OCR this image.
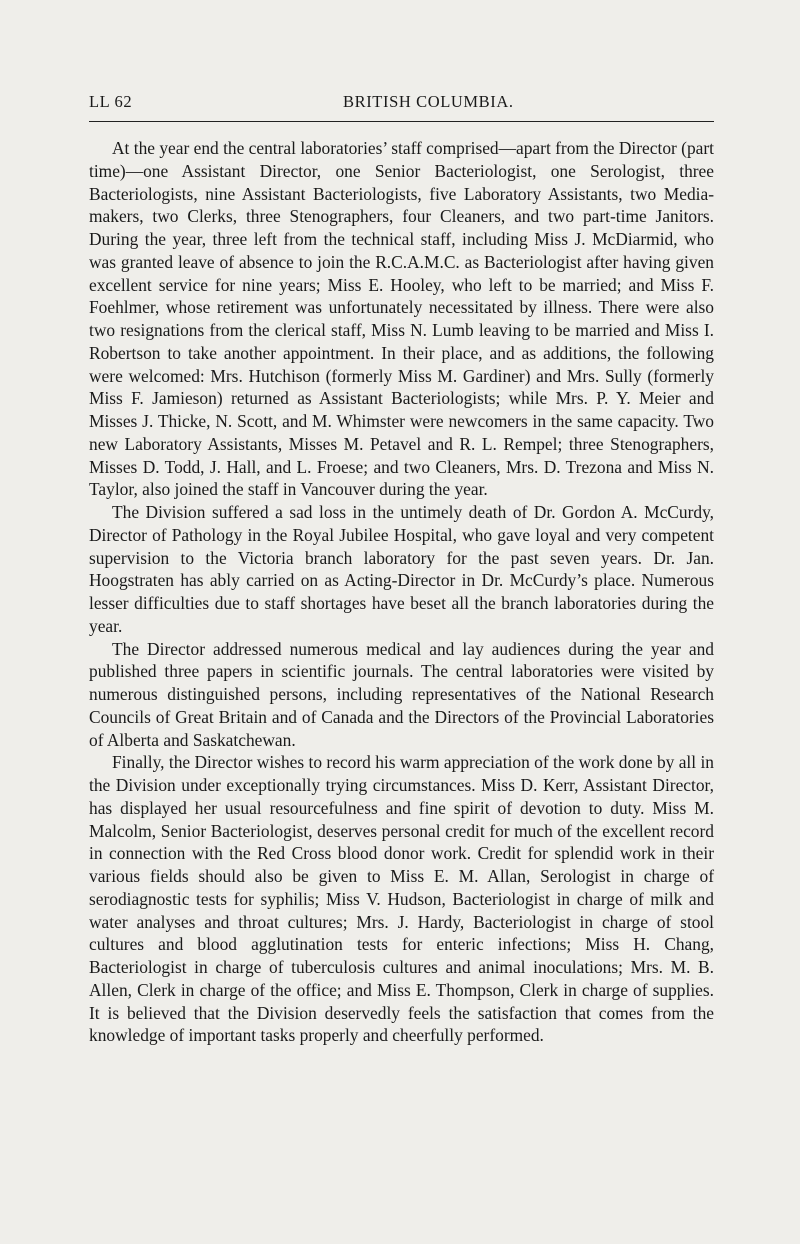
LL 62	BRITISH COLUMBIA.

At the year end the central laboratories’ staff comprised—apart from the Director (part time)—one Assistant Director, one Senior Bacteriologist, one Serologist, three Bacteriologists, nine Assistant Bacteriologists, five Laboratory Assistants, two Media-makers, two Clerks, three Stenographers, four Cleaners, and two part-time Janitors. During the year, three left from the technical staff, including Miss J. McDiarmid, who was granted leave of absence to join the R.C.A.M.C. as Bacteriologist after having given excellent service for nine years; Miss E. Hooley, who left to be married; and Miss F. Foehlmer, whose retirement was unfortunately necessitated by illness. There were also two resignations from the clerical staff, Miss N. Lumb leaving to be married and Miss I. Robertson to take another appointment. In their place, and as additions, the following were welcomed: Mrs. Hutchison (formerly Miss M. Gardiner) and Mrs. Sully (formerly Miss F. Jamieson) returned as Assistant Bacteriologists; while Mrs. P. Y. Meier and Misses J. Thicke, N. Scott, and M. Whimster were newcomers in the same capacity. Two new Laboratory Assistants, Misses M. Petavel and R. L. Rempel; three Stenographers, Misses D. Todd, J. Hall, and L. Froese; and two Cleaners, Mrs. D. Trezona and Miss N. Taylor, also joined the staff in Vancouver during the year.

The Division suffered a sad loss in the untimely death of Dr. Gordon A. McCurdy, Director of Pathology in the Royal Jubilee Hospital, who gave loyal and very competent supervision to the Victoria branch laboratory for the past seven years. Dr. Jan. Hoogstraten has ably carried on as Acting-Director in Dr. McCurdy’s place. Numerous lesser difficulties due to staff shortages have beset all the branch laboratories during the year.

The Director addressed numerous medical and lay audiences during the year and published three papers in scientific journals. The central laboratories were visited by numerous distinguished persons, including representatives of the National Research Councils of Great Britain and of Canada and the Directors of the Provincial Laboratories of Alberta and Saskatchewan.

Finally, the Director wishes to record his warm appreciation of the work done by all in the Division under exceptionally trying circumstances. Miss D. Kerr, Assistant Director, has displayed her usual resourcefulness and fine spirit of devotion to duty. Miss M. Malcolm, Senior Bacteriologist, deserves personal credit for much of the excellent record in connection with the Red Cross blood donor work. Credit for splendid work in their various fields should also be given to Miss E. M. Allan, Serologist in charge of serodiagnostic tests for syphilis; Miss V. Hudson, Bacteriologist in charge of milk and water analyses and throat cultures; Mrs. J. Hardy, Bacteriologist in charge of stool cultures and blood agglutination tests for enteric infections; Miss H. Chang, Bacteriologist in charge of tuberculosis cultures and animal inoculations; Mrs. M. B. Allen, Clerk in charge of the office; and Miss E. Thompson, Clerk in charge of supplies. It is believed that the Division deservedly feels the satisfaction that comes from the knowledge of important tasks properly and cheerfully performed.
